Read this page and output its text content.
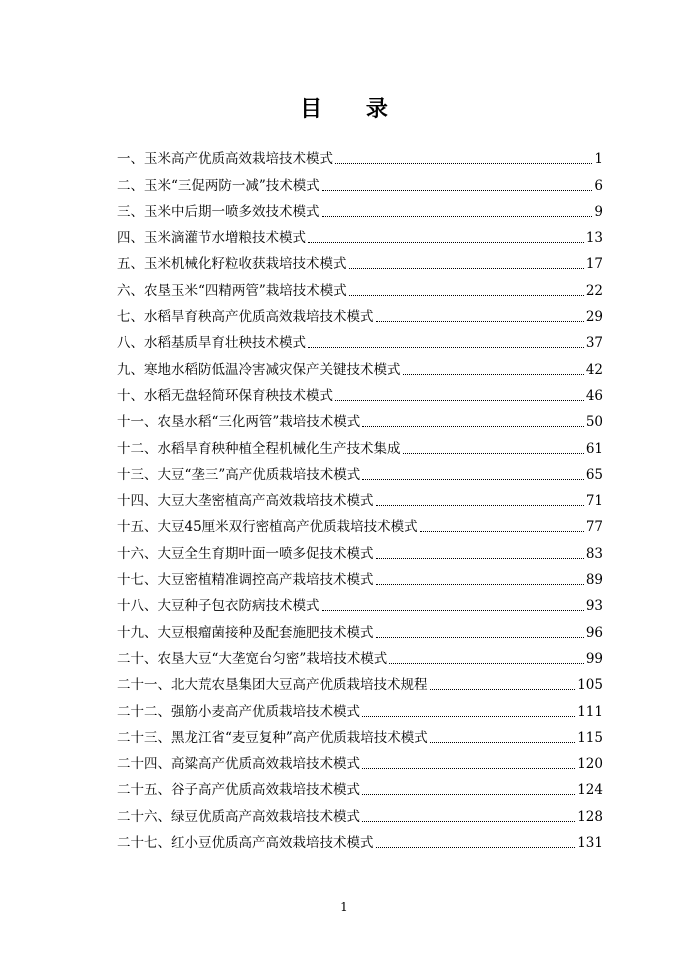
目 录
一、玉米高产优质高效栽培技术模式	1
二、玉米“三促两防一减”技术模式	6
三、玉米中后期一喷多效技术模式	9
四、玉米滴灌节水增粮技术模式	13
五、玉米机械化籽粒收获栽培技术模式	17
六、农垦玉米“四精两管”栽培技术模式	22
七、水稻旱育秧高产优质高效栽培技术模式	29
八、水稻基质旱育壮秧技术模式	37
九、寒地水稻防低温冷害减灾保产关键技术模式	42
十、水稻无盘轻简环保育秧技术模式	46
十一、农垦水稻“三化两管”栽培技术模式	50
十二、水稻旱育秧种植全程机械化生产技术集成	61
十三、大豆“垄三”高产优质栽培技术模式	65
十四、大豆大垄密植高产高效栽培技术模式	71
十五、大豆45厘米双行密植高产优质栽培技术模式	77
十六、大豆全生育期叶面一喷多促技术模式	83
十七、大豆密植精准调控高产栽培技术模式	89
十八、大豆种子包衣防病技术模式	93
十九、大豆根瘤菌接种及配套施肥技术模式	96
二十、农垦大豆“大垄宽台匀密”栽培技术模式	99
二十一、北大荒农垦集团大豆高产优质栽培技术规程	105
二十二、强筋小麦高产优质栽培技术模式	111
二十三、黑龙江省“麦豆复种”高产优质栽培技术模式	115
二十四、高粱高产优质高效栽培技术模式	120
二十五、谷子高产优质高效栽培技术模式	124
二十六、绿豆优质高产高效栽培技术模式	128
二十七、红小豆优质高产高效栽培技术模式	131
1
